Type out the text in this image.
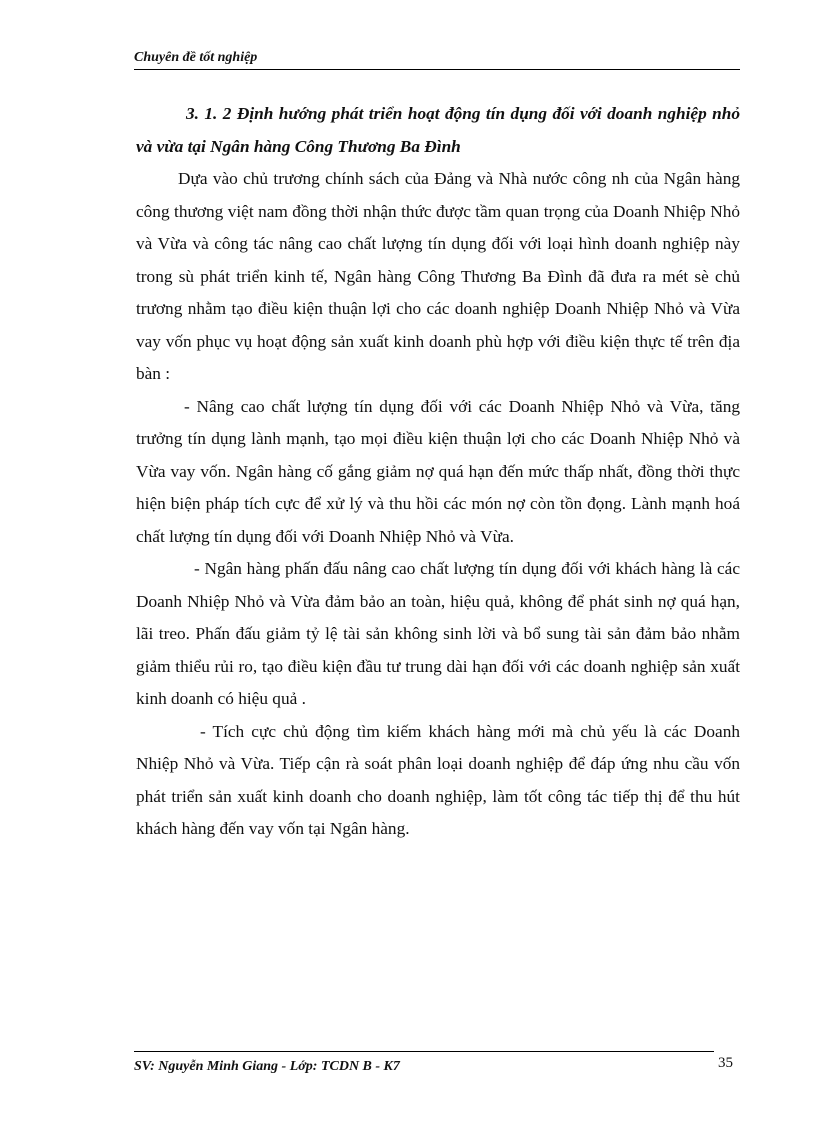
Chuyên đề tốt nghiệp

3. 1. 2 Định hướng phát triển hoạt động tín dụng đối với doanh nghiệp nhỏ và vừa tại Ngân hàng Công Thương Ba Đình

Dựa vào chủ trương chính sách của Đảng và Nhà nước công nh của Ngân hàng công thương việt nam đồng thời nhận thức được tầm quan trọng của Doanh Nhiệp Nhỏ và Vừa và công tác nâng cao chất lượng tín dụng đối với loại hình doanh nghiệp này trong sù phát triển kinh tế, Ngân hàng Công Thương Ba Đình đã đưa ra mét sè chủ trương nhằm tạo điều kiện thuận lợi cho các doanh nghiệp Doanh Nhiệp Nhỏ và Vừa vay vốn phục vụ hoạt động sản xuất kinh doanh phù hợp với điều kiện thực tế trên địa bàn :

- Nâng cao chất lượng tín dụng đối với các Doanh Nhiệp Nhỏ và Vừa, tăng trưởng tín dụng lành mạnh, tạo mọi điều kiện thuận lợi cho các Doanh Nhiệp Nhỏ và Vừa vay vốn. Ngân hàng cố gắng giảm nợ quá hạn đến mức thấp nhất, đồng thời thực hiện biện pháp tích cực để xử lý và thu hồi các món nợ còn tồn đọng. Lành mạnh hoá chất lượng tín dụng đối với Doanh Nhiệp Nhỏ và Vừa.

- Ngân hàng phấn đấu nâng cao chất lượng tín dụng đối với khách hàng là các Doanh Nhiệp Nhỏ và Vừa đảm bảo an toàn, hiệu quả, không để phát sinh nợ quá hạn, lãi treo. Phấn đấu giảm tỷ lệ tài sản không sinh lời và bổ sung tài sản đảm bảo nhằm giảm thiểu rủi ro, tạo điều kiện đầu tư trung dài hạn đối với các doanh nghiệp sản xuất kinh doanh có hiệu quả .

- Tích cực chủ động tìm kiếm khách hàng mới mà chủ yếu là các Doanh Nhiệp Nhỏ và Vừa. Tiếp cận rà soát phân loại doanh nghiệp để đáp ứng nhu cầu vốn phát triển sản xuất kinh doanh cho doanh nghiệp, làm tốt công tác tiếp thị để thu hút khách hàng đến vay vốn tại Ngân hàng.

SV: Nguyễn Minh Giang - Lớp: TCDN B - K7	35
